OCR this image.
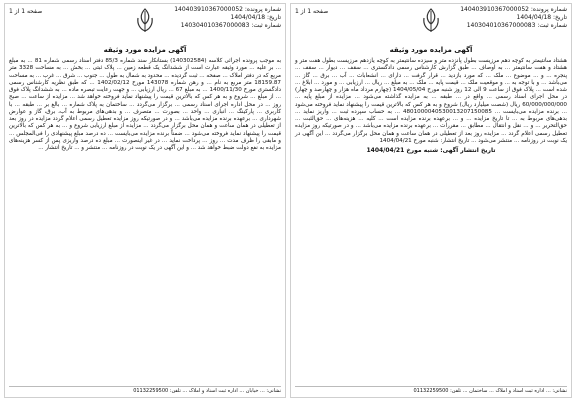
شماره پرونده: 140403910367000052
تاریخ: 1404/04/18
شماره ثبت: 140304010367000083
صفحه 1 از 1
آگهی مزایده مورد وثیقه
هشتاد سانتیمتر به کوچه دهم مرزیست بطول پانزده متر و سیزده سانتیمتر به کوچه یازدهم مرزیست بطول هفت متر و هشتاد و هفت سانتیمتر ... به اوصاف ... طبق گزارش کارشناس رسمی دادگستری ... سقف ... دیوار ... سقف ... پنجره ... و ... موضوع ... ملک ... که مورد بازدید ... قرار گرفت ... دارای ... انشعابات ... آب ... برق ... گاز ... می‌باشد ... و با توجه به ... و موقعیت ملک ... قیمت پایه ... ملک ... به مبلغ ... ریال ... ارزیابی ... و مورد ... ابلاغ ... شده است ... پلاک فوق از ساعت 9 الی 12 روز شنبه مورخ 1404/05/04 (چهارم مرداد ماه هزار و چهارصد و چهار) در محل اجرای اسناد رسمی ... واقع در ... طبقه ... به مزایده گذاشته می‌شود ... مزایده از مبلغ پایه ... 60/000/000/000 ریال (شصت میلیارد ریال) شروع و به هر کس که بالاترین قیمت را پیشنهاد نماید فروخته می‌شود ... برنده مزایده می‌بایست ... 4801000040530013207150085 ... به حساب سپرده ثبت ... واریز نماید ... بدهی‌های مربوط به ... تا تاریخ مزایده ... و ... برعهده برنده مزایده است ... کلیه ... هزینه‌های ... حق‌الثبت ... حق‌التحریر ... و ... نقل و انتقال ... مطابق ... مقررات ... برعهده برنده مزایده می‌باشد ... و در صورتیکه روز مزایده تعطیل رسمی اعلام گردد ... مزایده روز بعد از تعطیلی در همان ساعت و همان محل برگزار می‌گردد ... این آگهی در یک نوبت در روزنامه ... منتشر می‌شود ... تاریخ انتشار: شنبه مورخ 1404/04/21
تاریخ انتشار آگهی: شنبه مورخ 1404/04/21
نشانی: ... اداره ثبت اسناد و املاک ... ساختمان ... تلفن: 01132259500
شماره پرونده: 140403910367000052
تاریخ: 1404/04/18
شماره ثبت: 140304010367000083
صفحه 1 از 1
آگهی مزایده مورد وثیقه
به موجب پرونده اجرائی کلاسه (140302584) بستانکار سند شماره 85/3 دفتر اسناد رسمی شماره 81 ... به مبلغ ... بر علیه ... مورد وثیقه عبارت است از ششدانگ یک قطعه زمین ... پلاک ثبتی ... بخش ... به مساحت 3328 متر مربع که در دفتر املاک ... صفحه ... ثبت گردیده ... محدود به شمال به طول ... جنوب ... شرق ... غرب ... به مساحت 18159.87 متر مربع به نام ... و رهن شماره 143078 مورخ 1402/02/12 ... که طبق نظریه کارشناس رسمی دادگستری مورخ 1400/11/30 ... به مبلغ 67 ... ریال ارزیابی ... و جهت رعایت تبصره ماده ... به ششدانگ پلاک فوق ... از مبلغ ... شروع و به هر کس که بالاترین قیمت را پیشنهاد نماید فروخته خواهد شد ... مزایده از ساعت ... صبح روز ... در محل اداره اجرای اسناد رسمی ... برگزار می‌گردد ... ساختمان به پلاک شماره ... بالغ بر ... طبقه ... با کاربری ... پارکینگ ... انباری ... واحد ... بصورت ... متصرف ... و بدهی‌های مربوط به آب، برق، گاز و عوارض شهرداری ... برعهده برنده مزایده می‌باشد ... و در صورتیکه روز مزایده تعطیل رسمی اعلام گردد مزایده در روز بعد از تعطیلی در همان ساعت و همان محل برگزار می‌گردد ... مزایده از مبلغ ارزیابی شروع و ... به هر کس که بالاترین قیمت را پیشنهاد نماید فروخته می‌شود ... ضمناً برنده مزایده می‌بایست ... ده درصد مبلغ پیشنهادی را فی‌المجلس ... و مابقی را ظرف مدت ... روز ... پرداخت نماید ... در غیر اینصورت ... مبلغ ده درصد واریزی پس از کسر هزینه‌های مزایده به نفع دولت ضبط خواهد شد ... و این آگهی در یک نوبت در روزنامه ... منتشر و ... تاریخ انتشار ...
نشانی: ... خیابان ... اداره ثبت اسناد و املاک ... تلفن: 01132259500
